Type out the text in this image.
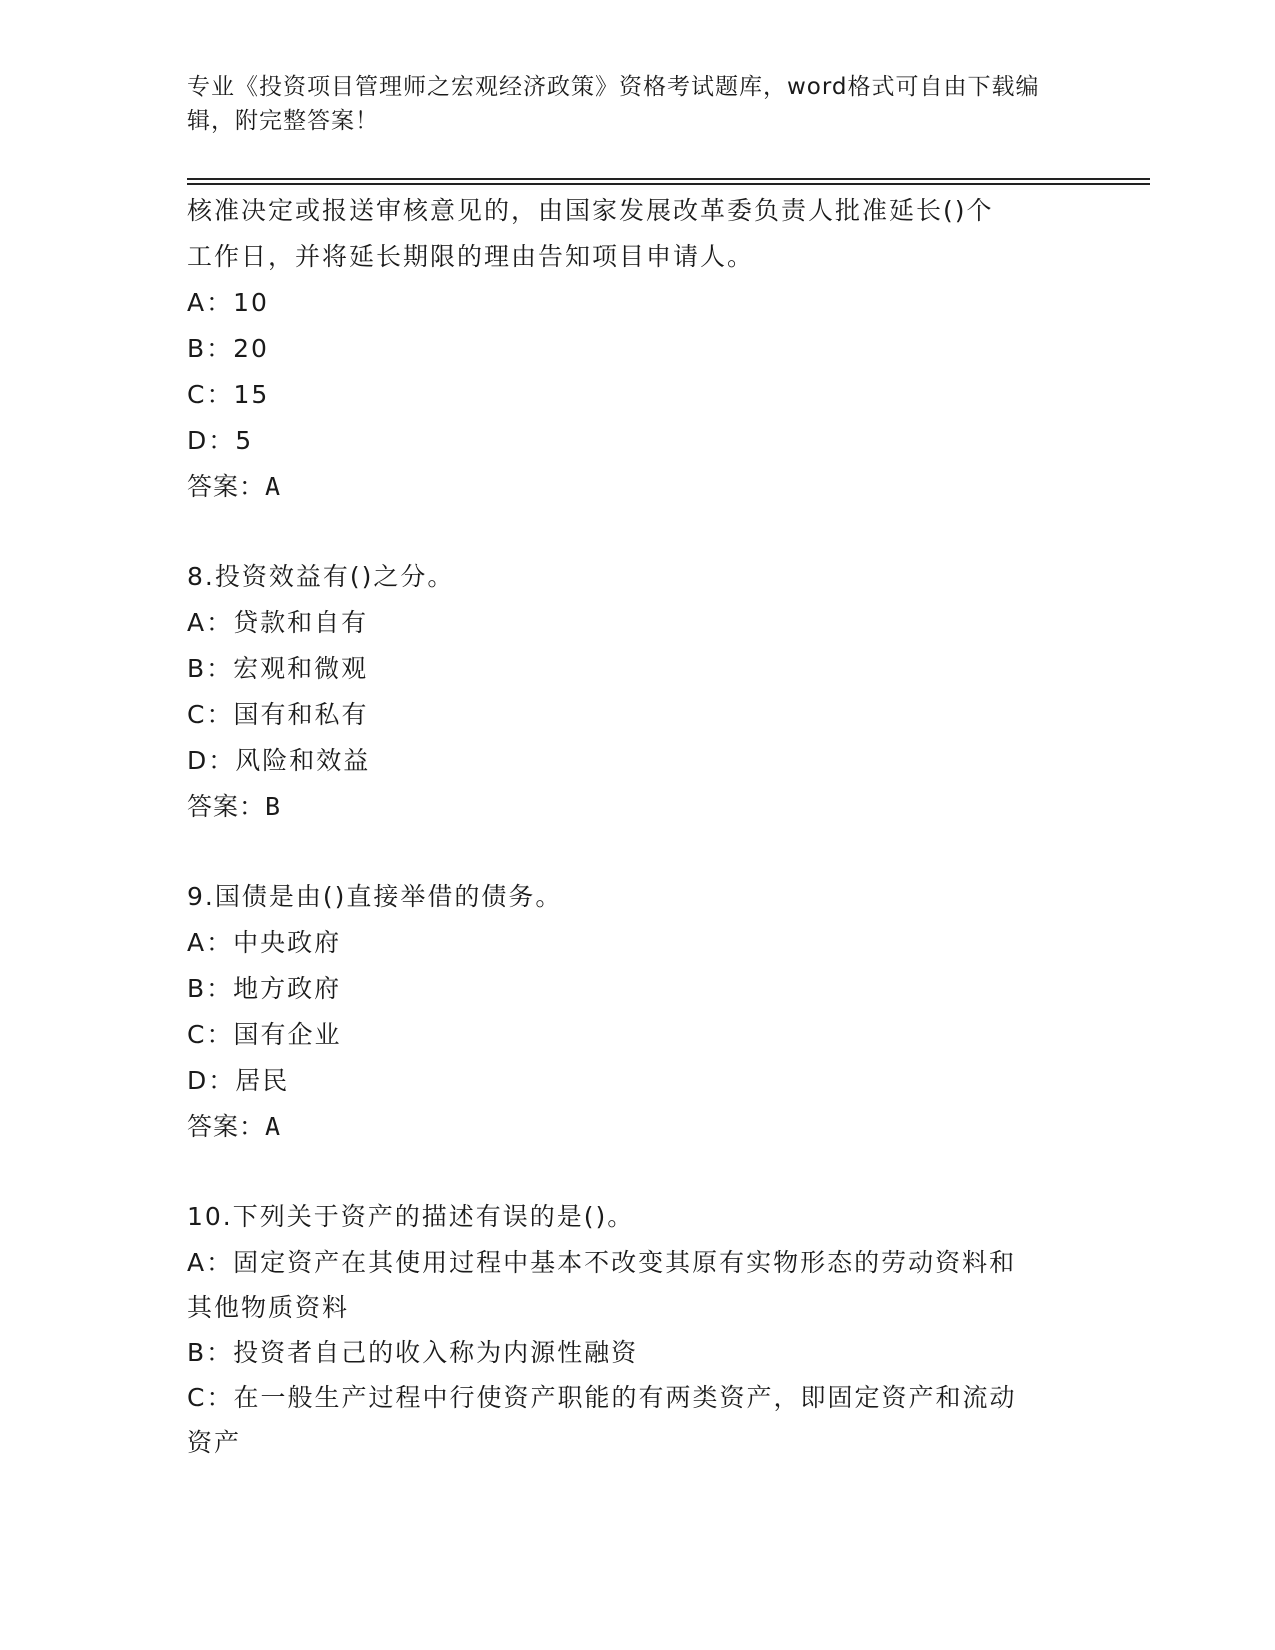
专业《投资项目管理师之宏观经济政策》资格考试题库，word格式可自由下载编
辑，附完整答案！
核准决定或报送审核意见的，由国家发展改革委负责人批准延长()个
工作日，并将延长期限的理由告知项目申请人。
A：10
B：20
C：15
D：5
答案：A
8.投资效益有()之分。
A：贷款和自有
B：宏观和微观
C：国有和私有
D：风险和效益
答案：B
9.国债是由()直接举借的债务。
A：中央政府
B：地方政府
C：国有企业
D：居民
答案：A
10.下列关于资产的描述有误的是()。
A：固定资产在其使用过程中基本不改变其原有实物形态的劳动资料和
其他物质资料
B：投资者自己的收入称为内源性融资
C：在一般生产过程中行使资产职能的有两类资产，即固定资产和流动
资产
